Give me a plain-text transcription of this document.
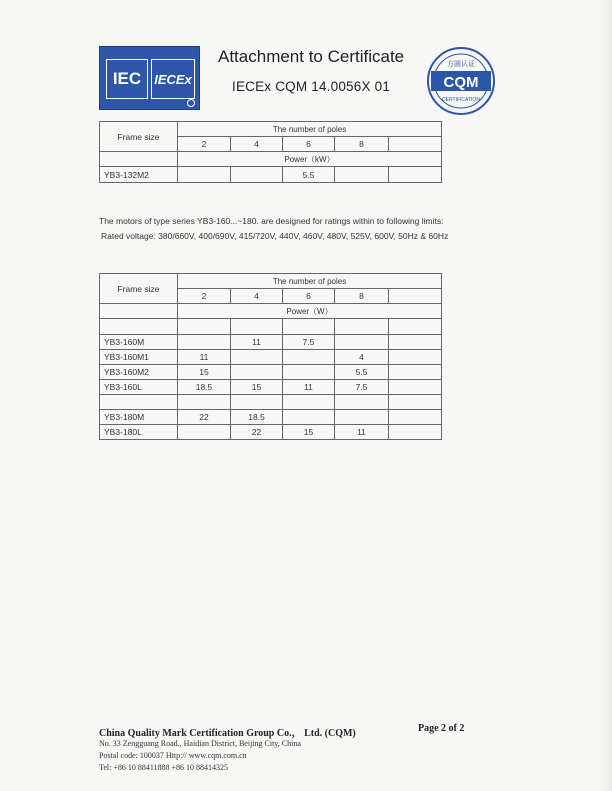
IEC	IECEx
Attachment to Certificate
IECEx CQM 14.0056X 01	CQM
方圆认证
CERTIFICATION
Frame size	The number of poles				
	2	4	6	8	
	Power（kW）				
YB3-132M2			5.5		
The motors of type series YB3-160...~180. are designed for ratings within to following limits:
Rated voltage: 380/660V, 400/690V, 415/720V, 440V, 460V, 480V, 525V, 600V, 50Hz & 60Hz
Frame size	The number of poles				
	2	4	6	8	
	Power（W）				

YB3-160M		11	7.5		
YB3-160M1	11			4	
YB3-160M2	15			5.5	
YB3-160L	18.5	15	11	7.5	

YB3-180M	22	18.5			
YB3-180L		22	15	11	
China Quality Mark Certification Group Co.， Ltd. (CQM)	Page 2 of 2
No. 33 Zengguang Road., Haidian District, Beijing City, China
Postal code: 100037 Http:// www.cqm.com.cn
Tel: +86 10 88411888 +86 10 88414325
